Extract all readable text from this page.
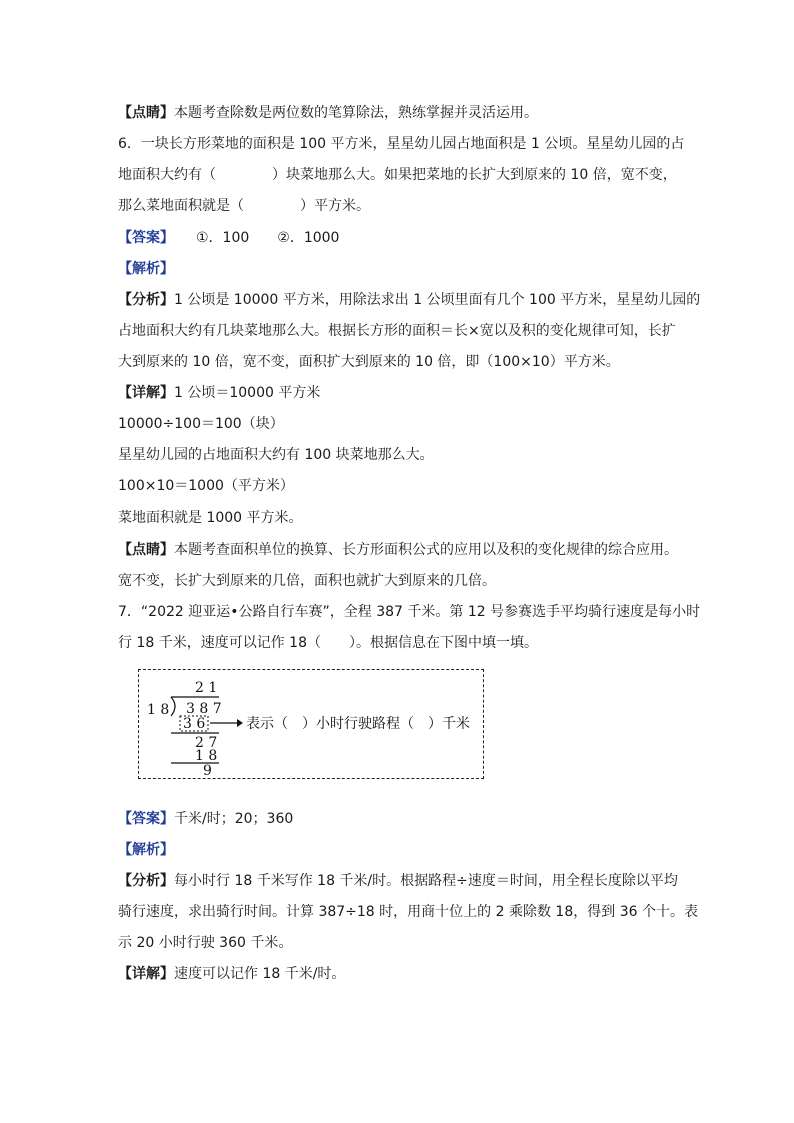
【点睛】本题考查除数是两位数的笔算除法，熟练掌握并灵活运用。
6．一块长方形菜地的面积是 100 平方米，星星幼儿园占地面积是 1 公顷。星星幼儿园的占
地面积大约有（　　　　）块菜地那么大。如果把菜地的长扩大到原来的 10 倍，宽不变，
那么菜地面积就是（　　　　）平方米。
【答案】 ①．100　　②．1000
【解析】
【分析】1 公顷是 10000 平方米，用除法求出 1 公顷里面有几个 100 平方米，星星幼儿园的
占地面积大约有几块菜地那么大。根据长方形的面积＝长×宽以及积的变化规律可知，长扩
大到原来的 10 倍，宽不变，面积扩大到原来的 10 倍，即（100×10）平方米。
【详解】1 公顷＝10000 平方米
10000÷100＝100（块）
星星幼儿园的占地面积大约有 100 块菜地那么大。
100×10＝1000（平方米）
菜地面积就是 1000 平方米。
【点睛】本题考查面积单位的换算、长方形面积公式的应用以及积的变化规律的综合应用。
宽不变，长扩大到原来的几倍，面积也就扩大到原来的几倍。
7．“2022 迎亚运•公路自行车赛”，全程 387 千米。第 12 号参赛选手平均骑行速度是每小时
行 18 千米，速度可以记作 18（　　）。根据信息在下图中填一填。
2 1
1 8 3 8 7
3 6	表示（　）小时行驶路程（　）千米
2 7
1 8
9
【答案】千米/时；20；360
【解析】
【分析】每小时行 18 千米写作 18 千米/时。根据路程÷速度＝时间，用全程长度除以平均
骑行速度，求出骑行时间。计算 387÷18 时，用商十位上的 2 乘除数 18，得到 36 个十。表
示 20 小时行驶 360 千米。
【详解】速度可以记作 18 千米/时。
